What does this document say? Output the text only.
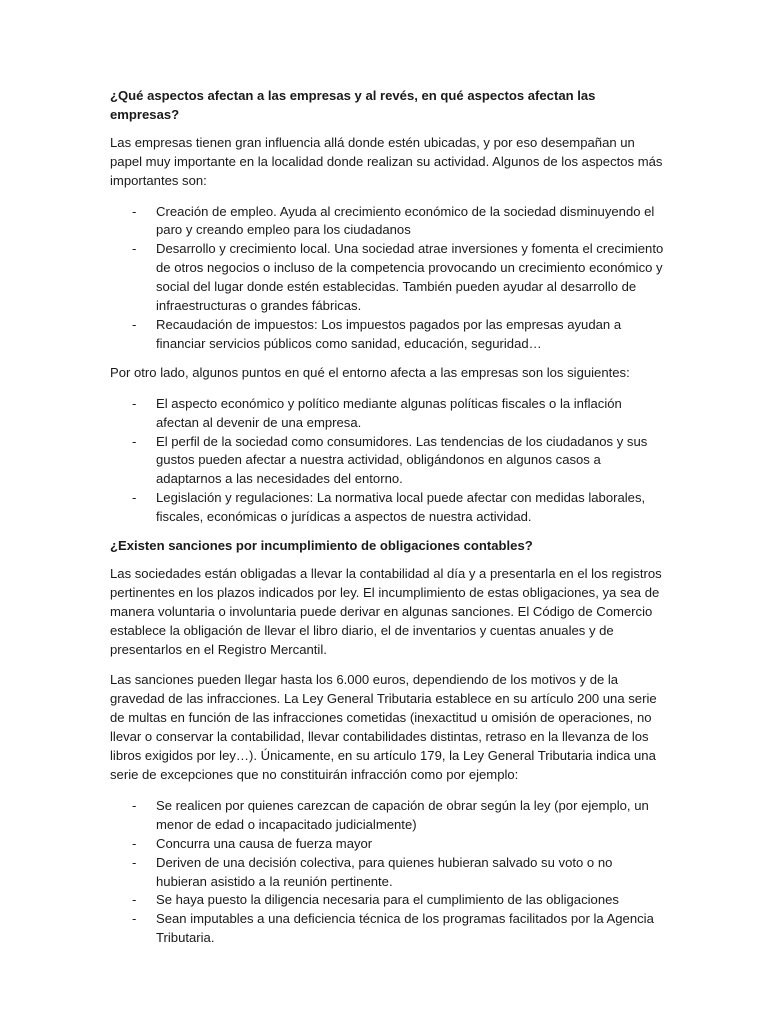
¿Qué aspectos afectan a las empresas y al revés, en qué aspectos afectan las empresas?

Las empresas tienen gran influencia allá donde estén ubicadas, y por eso desempañan un papel muy importante en la localidad donde realizan su actividad. Algunos de los aspectos más importantes son:

- Creación de empleo. Ayuda al crecimiento económico de la sociedad disminuyendo el paro y creando empleo para los ciudadanos
- Desarrollo y crecimiento local. Una sociedad atrae inversiones y fomenta el crecimiento de otros negocios o incluso de la competencia provocando un crecimiento económico y social del lugar donde estén establecidas. También pueden ayudar al desarrollo de infraestructuras o grandes fábricas.
- Recaudación de impuestos: Los impuestos pagados por las empresas ayudan a financiar servicios públicos como sanidad, educación, seguridad…

Por otro lado, algunos puntos en qué el entorno afecta a las empresas son los siguientes:

- El aspecto económico y político mediante algunas políticas fiscales o la inflación afectan al devenir de una empresa.
- El perfil de la sociedad como consumidores. Las tendencias de los ciudadanos y sus gustos pueden afectar a nuestra actividad, obligándonos en algunos casos a adaptarnos a las necesidades del entorno.
- Legislación y regulaciones: La normativa local puede afectar con medidas laborales, fiscales, económicas o jurídicas a aspectos de nuestra actividad.

¿Existen sanciones por incumplimiento de obligaciones contables?

Las sociedades están obligadas a llevar la contabilidad al día y a presentarla en el los registros pertinentes en los plazos indicados por ley. El incumplimiento de estas obligaciones, ya sea de manera voluntaria o involuntaria puede derivar en algunas sanciones. El Código de Comercio establece la obligación de llevar el libro diario, el de inventarios y cuentas anuales y de presentarlos en el Registro Mercantil.

Las sanciones pueden llegar hasta los 6.000 euros, dependiendo de los motivos y de la gravedad de las infracciones. La Ley General Tributaria establece en su artículo 200 una serie de multas en función de las infracciones cometidas (inexactitud u omisión de operaciones, no llevar o conservar la contabilidad, llevar contabilidades distintas, retraso en la llevanza de los libros exigidos por ley…). Únicamente, en su artículo 179, la Ley General Tributaria indica una serie de excepciones que no constituirán infracción como por ejemplo:

- Se realicen por quienes carezcan de capación de obrar según la ley (por ejemplo, un menor de edad o incapacitado judicialmente)
- Concurra una causa de fuerza mayor
- Deriven de una decisión colectiva, para quienes hubieran salvado su voto o no hubieran asistido a la reunión pertinente.
- Se haya puesto la diligencia necesaria para el cumplimiento de las obligaciones
- Sean imputables a una deficiencia técnica de los programas facilitados por la Agencia Tributaria.
